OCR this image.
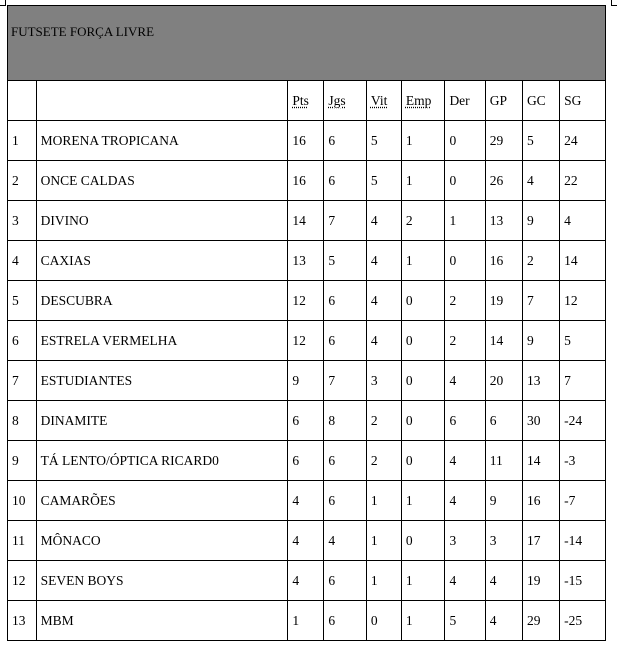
FUTSETE FORÇA LIVRE									

		Pts	Jgs	Vit	Emp	Der	GP	GC	SG
1	MORENA TROPICANA	16	6	5	1	0	29	5	24
2	ONCE CALDAS	16	6	5	1	0	26	4	22
3	DIVINO	14	7	4	2	1	13	9	4
4	CAXIAS	13	5	4	1	0	16	2	14
5	DESCUBRA	12	6	4	0	2	19	7	12
6	ESTRELA VERMELHA	12	6	4	0	2	14	9	5
7	ESTUDIANTES	9	7	3	0	4	20	13	7
8	DINAMITE	6	8	2	0	6	6	30	-24
9	TÁ LENTO/ÓPTICA RICARD0	6	6	2	0	4	11	14	-3
10	CAMARÕES	4	6	1	1	4	9	16	-7
11	MÔNACO	4	4	1	0	3	3	17	-14
12	SEVEN BOYS	4	6	1	1	4	4	19	-15
13	MBM	1	6	0	1	5	4	29	-25
